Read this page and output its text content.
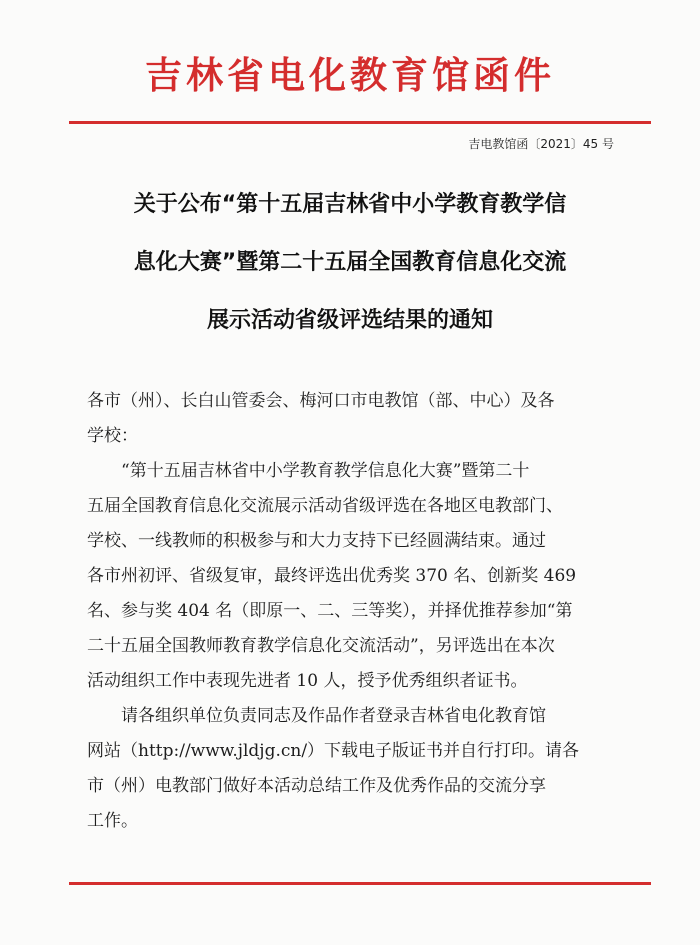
吉林省电化教育馆函件
吉电教馆函〔2021〕45 号
关于公布“第十五届吉林省中小学教育教学信
息化大赛”暨第二十五届全国教育信息化交流
展示活动省级评选结果的通知
各市（州）、长白山管委会、梅河口市电教馆（部、中心）及各
学校：
　　“第十五届吉林省中小学教育教学信息化大赛”暨第二十
五届全国教育信息化交流展示活动省级评选在各地区电教部门、
学校、一线教师的积极参与和大力支持下已经圆满结束。通过
各市州初评、省级复审，最终评选出优秀奖 370 名、创新奖 469
名、参与奖 404 名（即原一、二、三等奖），并择优推荐参加“第
二十五届全国教师教育教学信息化交流活动”，另评选出在本次
活动组织工作中表现先进者 10 人，授予优秀组织者证书。
　　请各组织单位负责同志及作品作者登录吉林省电化教育馆
网站（http://www.jldjg.cn/）下载电子版证书并自行打印。请各
市（州）电教部门做好本活动总结工作及优秀作品的交流分享
工作。
